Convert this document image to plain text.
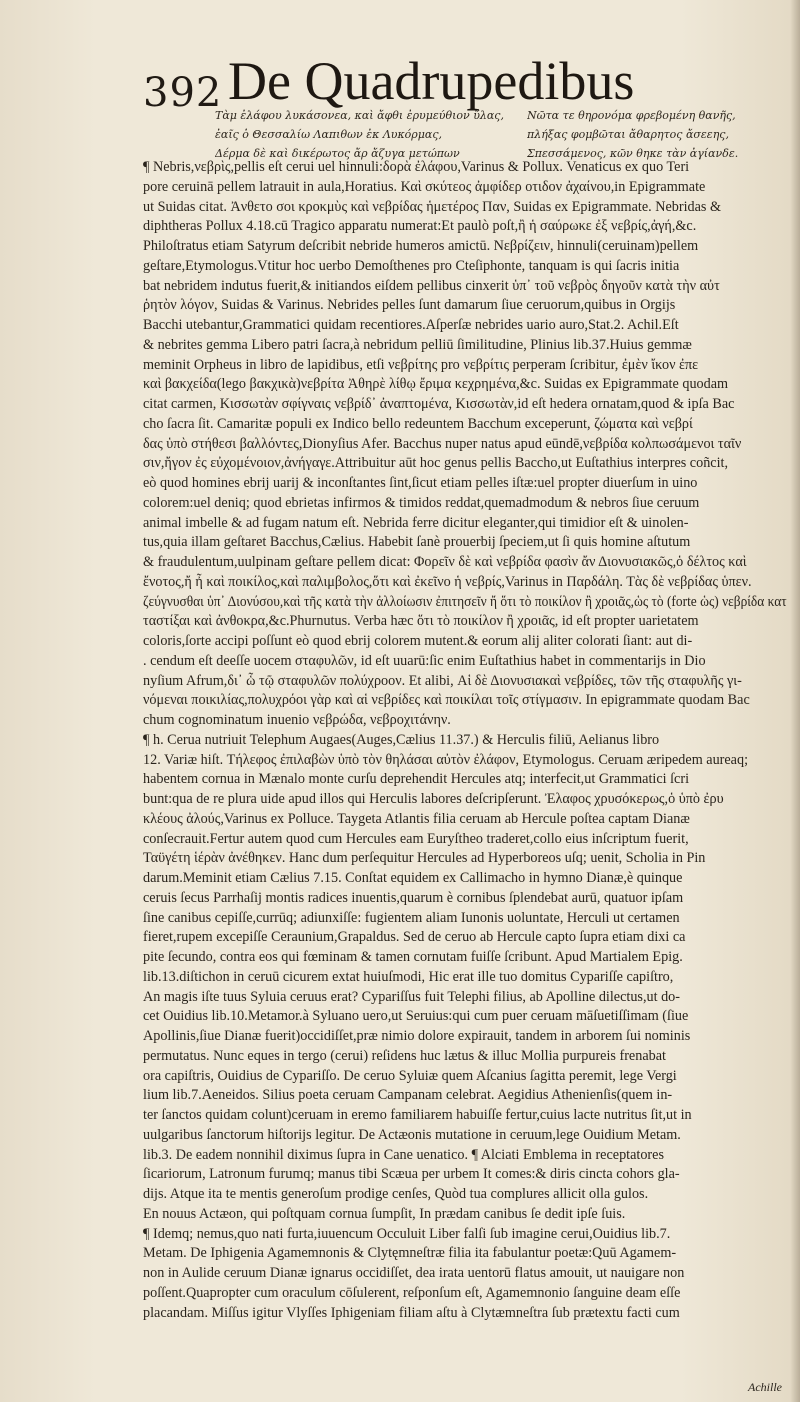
392 De Quadrupedibus
Τὰμ ἐλάφου λυκάσονεα, καὶ ἄφθι ἐρυμεύθιον ὕλας,
ἐαῖς ὁ Θεσσαλίω Λαπιθων ἐκ Λυκόρμας,
Δέρμα δὲ καὶ δικέρωτος ἄρ ἄζυγα μετώπων
Νῶτα τε θηρονόμα φρεβομένη θανῆς,
πλήξας φομβῶται ἄθαρητος ἄσεεης,
Σπεσσάμενος, κῶν θηκε τὰν ἀγίανδε.
¶ Nebris,νεβρὶς,pellis eſt cerui uel hinnuli:δορὰ ἐλάφου,Varinus & Pollux. Venaticus ex quo Teri
pore ceruinā pellem latrauit in aula,Horatius. Καὶ σκύτεος ἀμφίδερ οτιδον ἀχαίνου,in Epigrammate
ut Suidas citat. Ἀνθετο σοι κροκμὺς καὶ νεβρίδας ἡμετέρος Παν, Suidas ex Epigrammate. Nebridas &
diphtheras Pollux 4.18.cū Tragico apparatu numerat:Et paulò poſt,ἢ ἡ σαύρωκε ἐξ νεβρίς,ἀγή,&c.
Philoſtratus etiam Satyrum deſcribit nebride humeros amictū. Νεβρίζειν, hinnuli(ceruinam)pellem
geſtare,Etymologus.Vtitur hoc uerbo Demoſthenes pro Cteſiphonte, tanquam is qui ſacris initia
bat nebridem indutus fuerit,& initiandos eiſdem pellibus cinxerit ὑπ᾽ τοῦ νεβρὸς δηγοῦν κατὰ τὴν αὐτ
ῥητὸν λόγον, Suidas & Varinus. Nebrides pelles ſunt damarum ſiue ceruorum,quibus in Orgijs
Bacchi utebantur,Grammatici quidam recentiores.Aſperſæ nebrides uario auro,Stat.2. Achil.Eſt
& nebrites gemma Libero patri ſacra,à nebridum pelliū ſimilitudine, Plinius lib.37.Huius gemmæ
meminit Orpheus in libro de lapidibus, etſi νεβρίτης pro νεβρίτις perperam ſcribitur, ἐμὲν ἴκον ἐπε
καὶ βακχείδα(lego βακχικὰ)νεβρίτα Ἀθηρὲ λίθῳ ἔριμα κεχρημένα,&c. Suidas ex Epigrammate quodam
citat carmen, Κισσωτὰν σφίγναις νεβρίδ᾽ ἀναπτομένα, Κισσωτὰν,id eſt hedera ornatam,quod & ipſa Bac
cho ſacra ſit. Camaritæ populi ex Indico bello redeuntem Bacchum exceperunt, ζώματα καὶ νεβρί
δας ὑπὸ στήθεσι βαλλόντες,Dionyſius Afer. Bacchus nuper natus apud eūndē,νεβρίδα κολπωσάμενοι ταῖν
σιν,ἤγον ἐς εὐχομένοιον,ἀνήγαγε.Attribuitur aūt hoc genus pellis Baccho,ut Euſtathius interpres coñcit,
eò quod homines ebrij uarij & inconſtantes ſint,ſicut etiam pelles iſtæ:uel propter diuerſum in uino
colorem:uel deniq; quod ebrietas infirmos & timidos reddat,quemadmodum & nebros ſiue ceruum
animal imbelle & ad fugam natum eſt. Nebrida ferre dicitur eleganter,qui timidior eſt & uinolen-
tus,quia illam geſtaret Bacchus,Cælius. Habebit ſanè prouerbij ſpeciem,ut ſi quis homine aſtutum
& fraudulentum,uulpinam geſtare pellem dicat: Φορεῖν δὲ καὶ νεβρίδα φασὶν ἄν Διονυσιακῶς,ὁ δέλτος καὶ
ἔνοτος,ἤ ἦ καὶ ποικίλος,καὶ παλιμβολος,ὅτι καὶ ἐκεῖνο ἡ νεβρίς,Varinus in Παρδάλη. Τὰς δὲ νεβρίδας ὑπεν.
ζεύγνυσθαι ὑπ᾽ Διονύσου,καὶ τῆς κατὰ τὴν ἀλλοίωσιν ἐπιτησεῖν ἤ ὅτι τὸ ποικίλον ἢ χροιᾶς,ὡς τὸ (forte ὡς) νεβρίδα κατ
ταστίξαι καὶ ἀνθοκρα,&c.Phurnutus. Verba hæc ὅτι τὸ ποικίλον ἢ χροιᾶς, id eſt propter uarietatem
coloris,ſorte accipi poſſunt eò quod ebrij colorem mutent.& eorum alij aliter colorati ſiant: aut di-
. cendum eſt deeſſe uocem σταφυλῶν, id eſt uuarū:ſic enim Euſtathius habet in commentarijs in Dio
nyſium Afrum,δι᾽ ὧ τῷ σταφυλῶν πολύχροον. Et alibi, Αἱ δὲ Διονυσιακαὶ νεβρίδες, τῶν τῆς σταφυλῆς γι-
νόμεναι ποικιλίας,πολυχρόοι γὰρ καὶ αἱ νεβρίδες καὶ ποικίλαι τοῖς στίγμασιν. In epigrammate quodam Bac
chum cognominatum inuenio νεβρώδα, νεβροχιτάνην.
¶ h. Cerua nutriuit Telephum Augaes(Auges,Cælius 11.37.) & Herculis filiū, Aelianus libro
12. Variæ hiſt. Τήλεφος ἐπιλαβὼν ὑπὸ τὸν θηλάσαι αὐτὸν ἐλάφον, Etymologus. Ceruam æripedem aureaq;
habentem cornua in Mænalo monte curſu deprehendit Hercules atq; interfecit,ut Grammatici ſcri
bunt:qua de re plura uide apud illos qui Herculis labores deſcripſerunt. Ἐλαφος χρυσόκερως,ὁ ὑπὸ ἐρυ
κλέους ἀλούς,Varinus ex Polluce. Taygeta Atlantis filia ceruam ab Hercule poſtea captam Dianæ
conſecrauit.Fertur autem quod cum Hercules eam Euryſtheo traderet,collo eius inſcriptum fuerit,
Ταϋγέτη ἱέρὰν ἀνέθηκεν. Hanc dum perſequitur Hercules ad Hyperboreos uſq; uenit, Scholia in Pin
darum.Meminit etiam Cælius 7.15. Conſtat equidem ex Callimacho in hymno Dianæ,è quinque
ceruis ſecus Parrhaſij montis radices inuentis,quarum è cornibus ſplendebat aurū, quatuor ipſam
ſine canibus cepiſſe,currūq; adiunxiſſe: fugientem aliam Iunonis uoluntate, Herculi ut certamen
fieret,rupem excepiſſe Ceraunium,Grapaldus. Sed de ceruo ab Hercule capto ſupra etiam dixi ca
pite ſecundo, contra eos qui fœminam & tamen cornutam fuiſſe ſcribunt. Apud Martialem Epig.
lib.13.diſtichon in ceruū cicurem extat huiuſmodi, Hic erat ille tuo domitus Cypariſſe capiſtro,
An magis iſte tuus Syluia ceruus erat? Cypariſſus fuit Telephi filius, ab Apolline dilectus,ut do-
cet Ouidius lib.10.Metamor.à Syluano uero,ut Seruius:qui cum puer ceruam māſuetiſſimam (ſiue
Apollinis,ſiue Dianæ fuerit)occidiſſet,præ nimio dolore expirauit, tandem in arborem ſui nominis
permutatus. Nunc eques in tergo (cerui) reſidens huc lætus & illuc Mollia purpureis frenabat
ora capiſtris, Ouidius de Cypariſſo. De ceruo Syluiæ quem Aſcanius ſagitta peremit, lege Vergi
lium lib.7.Aeneidos. Silius poeta ceruam Campanam celebrat. Aegidius Athenienſis(quem in-
ter ſanctos quidam colunt)ceruam in eremo familiarem habuiſſe fertur,cuius lacte nutritus ſit,ut in
uulgaribus ſanctorum hiſtorijs legitur. De Actæonis mutatione in ceruum,lege Ouidium Metam.
lib.3. De eadem nonnihil diximus ſupra in Cane uenatico. ¶ Alciati Emblema in receptatores
ſicariorum, Latronum furumq; manus tibi Scæua per urbem It comes:& diris cincta cohors gla-
dijs. Atque ita te mentis generoſum prodige cenſes, Quòd tua complures allicit olla gulos.
En nouus Actæon, qui poſtquam cornua ſumpſit, In prædam canibus ſe dedit ipſe ſuis.
¶ Idemq; nemus,quo nati furta,iuuencum Occuluit Liber falſi ſub imagine cerui,Ouidius lib.7.
Metam. De Iphigenia Agamemnonis & Clytęmneſtræ filia ita fabulantur poetæ:Quū Agamem-
non in Aulide ceruum Dianæ ignarus occidiſſet, dea irata uentorū flatus amouit, ut nauigare non
poſſent.Quapropter cum oraculum cōſulerent, reſponſum eſt, Agamemnonio ſanguine deam eſſe
placandam. Miſſus igitur Vlyſſes Iphigeniam filiam aſtu à Clytæmneſtra ſub prætextu facti cum
Achille
